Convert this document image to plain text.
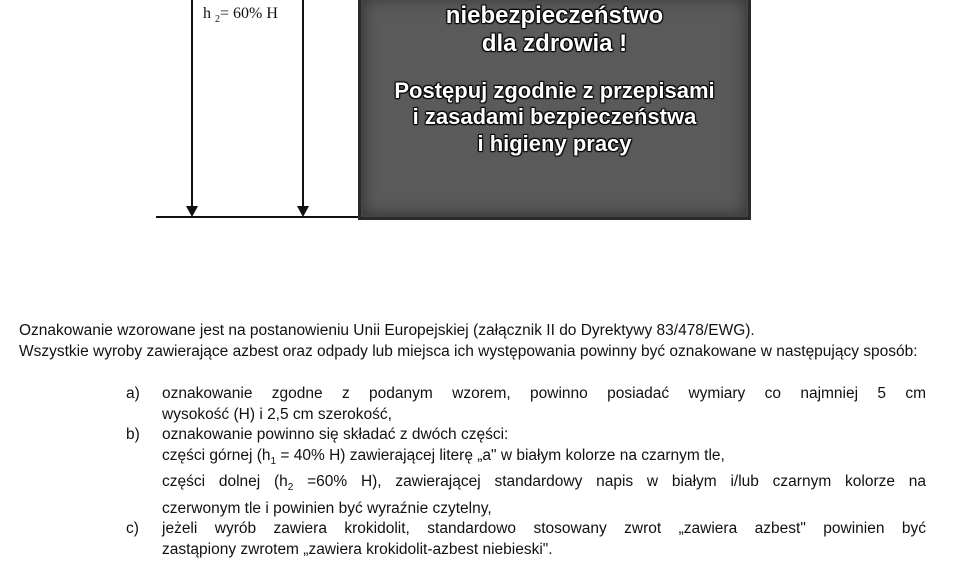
h $_2$= 60% H	niebezpieczeństwo
dla zdrowia !
Postępuj zgodnie z przepisami
i zasadami bezpieczeństwa
i higieny pracy
Oznakowanie wzorowane jest na postanowieniu Unii Europejskiej (załącznik II do Dyrektywy 83/478/EWG).
Wszystkie wyroby zawierające azbest oraz odpady lub miejsca ich występowania powinny być oznakowane w następujący sposób:
a)	oznakowanie zgodne z podanym wzorem, powinno posiadać wymiary co najmniej 5 cm
wysokość (H) i 2,5 cm szerokość,
b)	oznakowanie powinno się składać z dwóch części:
części górnej ($h_1 = 40\%$ H) zawierającej literę „a" w białym kolorze na czarnym tle,
części dolnej ($h_2 =60\%$ H), zawierającej standardowy napis w białym i/lub czarnym kolorze na
czerwonym tle i powinien być wyraźnie czytelny,
c)	jeżeli wyrób zawiera krokidolit, standardowo stosowany zwrot „zawiera azbest" powinien być
zastąpiony zwrotem „zawiera krokidolit-azbest niebieski".
